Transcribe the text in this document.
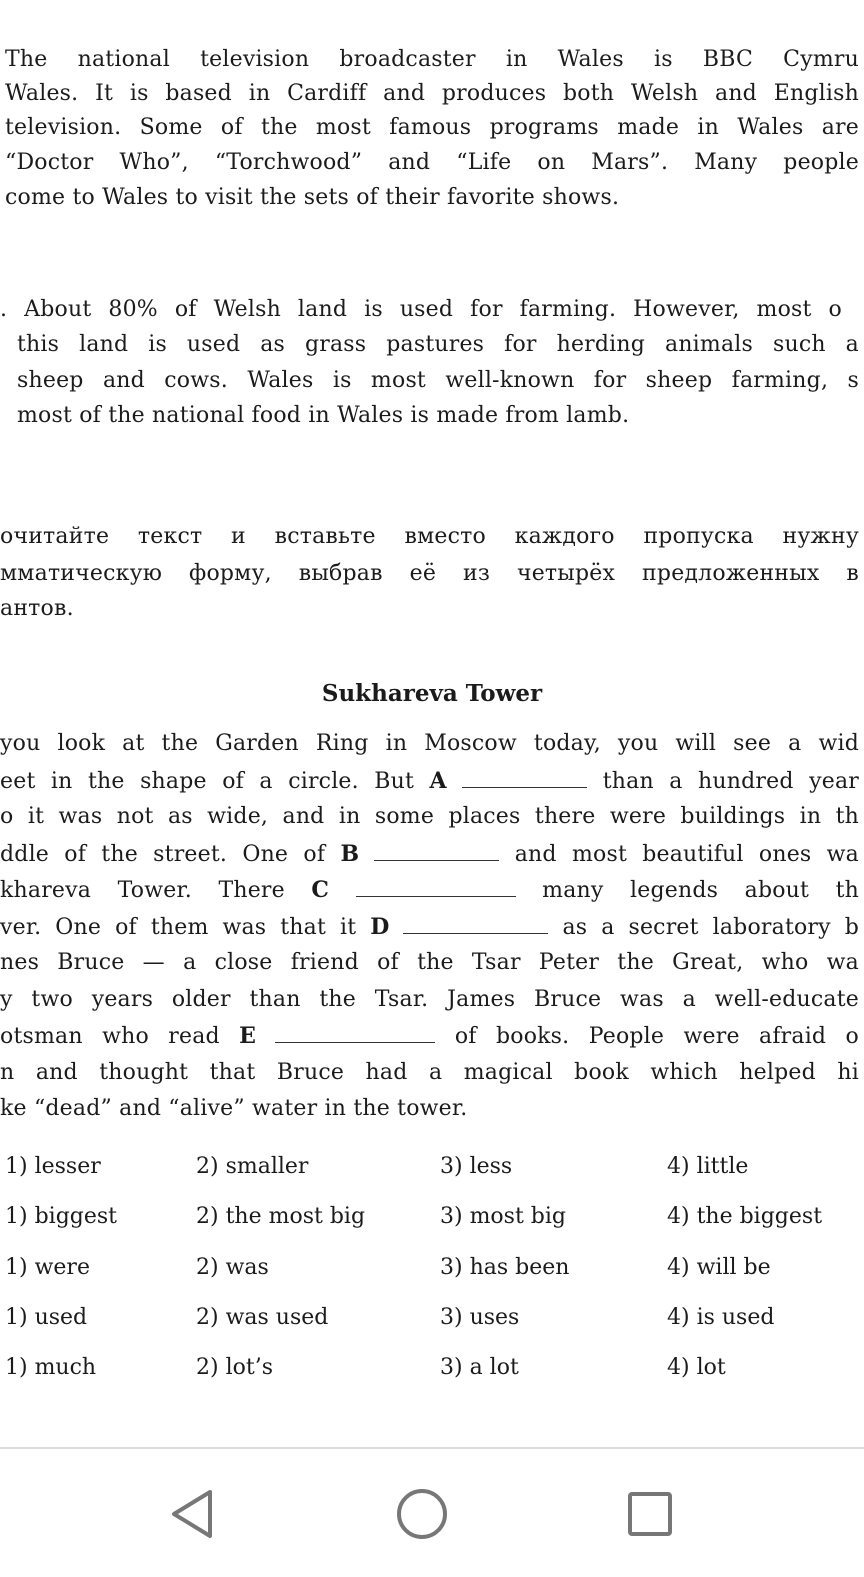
The national television broadcaster in Wales is BBC Cymru
Wales. It is based in Cardiff and produces both Welsh and English
television. Some of the most famous programs made in Wales are
“Doctor Who”, “Torchwood” and “Life on Mars”. Many people
come to Wales to visit the sets of their favorite shows.
. About 80% of Welsh land is used for farming. However, most o
this land is used as grass pastures for herding animals such a
sheep and cows. Wales is most well-known for sheep farming, s
most of the national food in Wales is made from lamb.
очитайте текст и вставьте вместо каждого пропуска нужну
мматическую форму, выбрав её из четырёх предложенных в
антов.
Sukhareva Tower
you look at the Garden Ring in Moscow today, you will see a wid
eet in the shape of a circle. But A	than a hundred year
o it was not as wide, and in some places there were buildings in th
ddle of the street. One of B	and most beautiful ones wa
khareva Tower. There C	many legends about th
ver. One of them was that it D	as a secret laboratory b
nes Bruce — a close friend of the Tsar Peter the Great, who wa
y two years older than the Tsar. James Bruce was a well-educate
otsman who read E	of books. People were afraid o
n and thought that Bruce had a magical book which helped hi
ke “dead” and “alive” water in the tower.
1) lesser	2) smaller	3) less	4) little
1) biggest	2) the most big	3) most big	4) the biggest
1) were	2) was	3) has been	4) will be
1) used	2) was used	3) uses	4) is used
1) much	2) lot’s	3) a lot	4) lot
